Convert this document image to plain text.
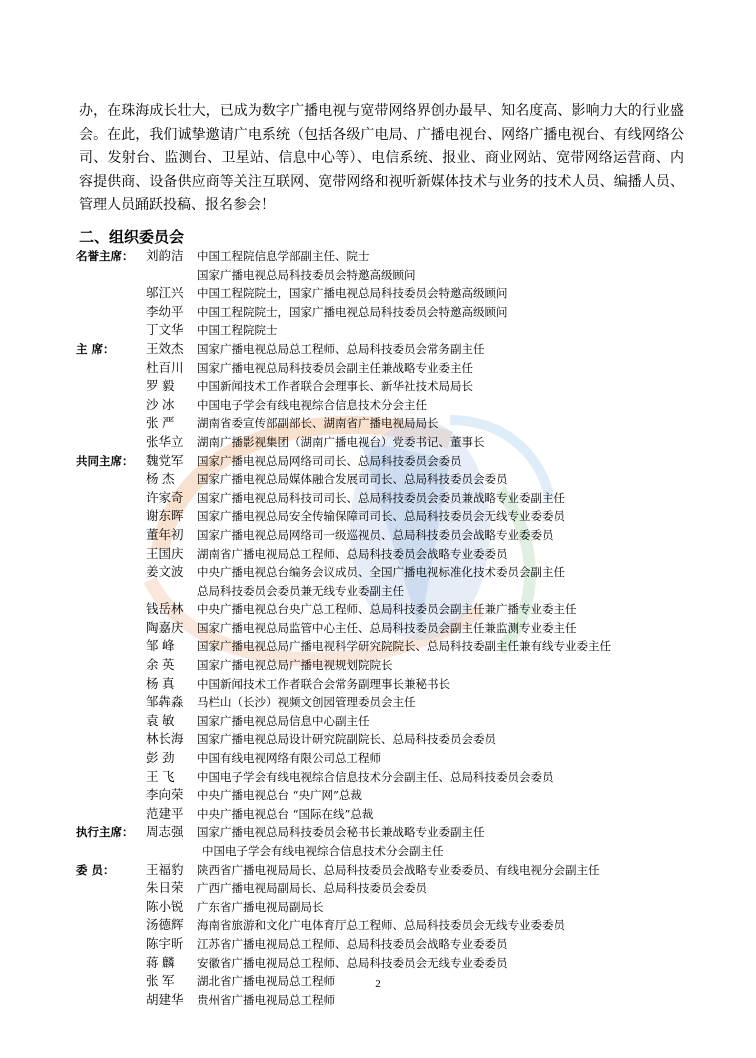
办，在珠海成长壮大，已成为数字广播电视与宽带网络界创办最早、知名度高、影响力大的行业盛会。在此，我们诚挚邀请广电系统（包括各级广电局、广播电视台、网络广播电视台、有线网络公司、发射台、监测台、卫星站、信息中心等）、电信系统、报业、商业网站、宽带网络运营商、内容提供商、设备供应商等关注互联网、宽带网络和视听新媒体技术与业务的技术人员、编播人员、管理人员踊跃投稿、报名参会！

二、组织委员会
名誉主席：	刘韵洁	中国工程院信息学部副主任、院士
国家广播电视总局科技委员会特邀高级顾问
邬江兴	中国工程院院士，国家广播电视总局科技委员会特邀高级顾问
李幼平	中国工程院院士，国家广播电视总局科技委员会特邀高级顾问
丁文华	中国工程院院士
主 席：	王效杰	国家广播电视总局总工程师、总局科技委员会常务副主任
杜百川	国家广播电视总局科技委员会副主任兼战略专业委主任
罗 毅	中国新闻技术工作者联合会理事长、新华社技术局局长
沙 冰	中国电子学会有线电视综合信息技术分会主任
张 严	湖南省委宣传部副部长、湖南省广播电视局局长
张华立	湖南广播影视集团（湖南广播电视台）党委书记、董事长
共同主席：	魏党军	国家广播电视总局网络司司长、总局科技委员会委员
杨 杰	国家广播电视总局媒体融合发展司司长、总局科技委员会委员
许家奇	国家广播电视总局科技司司长、总局科技委员会委员兼战略专业委副主任
谢东晖	国家广播电视总局安全传输保障司司长、总局科技委员会无线专业委委员
董年初	国家广播电视总局网络司一级巡视员、总局科技委员会战略专业委委员
王国庆	湖南省广播电视局总工程师、总局科技委员会战略专业委委员
姜文波	中央广播电视总台编务会议成员、全国广播电视标准化技术委员会副主任
总局科技委员会委员兼无线专业委副主任
钱岳林	中央广播电视总台央广总工程师、总局科技委员会副主任兼广播专业委主任
陶嘉庆	国家广播电视总局监管中心主任、总局科技委员会副主任兼监测专业委主任
邹 峰	国家广播电视总局广播电视科学研究院院长、总局科技委副主任兼有线专业委主任
余 英	国家广播电视总局广播电视规划院院长
杨 真	中国新闻技术工作者联合会常务副理事长兼秘书长
邹犇淼	马栏山（长沙）视频文创园管理委员会主任
袁 敏	国家广播电视总局信息中心副主任
林长海	国家广播电视总局设计研究院副院长、总局科技委员会委员
彭 劲	中国有线电视网络有限公司总工程师
王 飞	中国电子学会有线电视综合信息技术分会副主任、总局科技委员会委员
李向荣	中央广播电视总台 “央广网”总裁
范建平	中央广播电视总台 “国际在线”总裁
执行主席：	周志强	国家广播电视总局科技委员会秘书长兼战略专业委副主任
中国电子学会有线电视综合信息技术分会副主任
委 员：	王福豹	陕西省广播电视局局长、总局科技委员会战略专业委委员、有线电视分会副主任
朱日荣	广西广播电视局副局长、总局科技委员会委员
陈小锐	广东省广播电视局副局长
汤德辉	海南省旅游和文化广电体育厅总工程师、总局科技委员会无线专业委委员
陈宇昕	江苏省广播电视局总工程师、总局科技委员会战略专业委委员
蒋 麟	安徽省广播电视局总工程师、总局科技委员会无线专业委委员
张 军	湖北省广播电视局总工程师
胡建华	贵州省广播电视局总工程师
2
